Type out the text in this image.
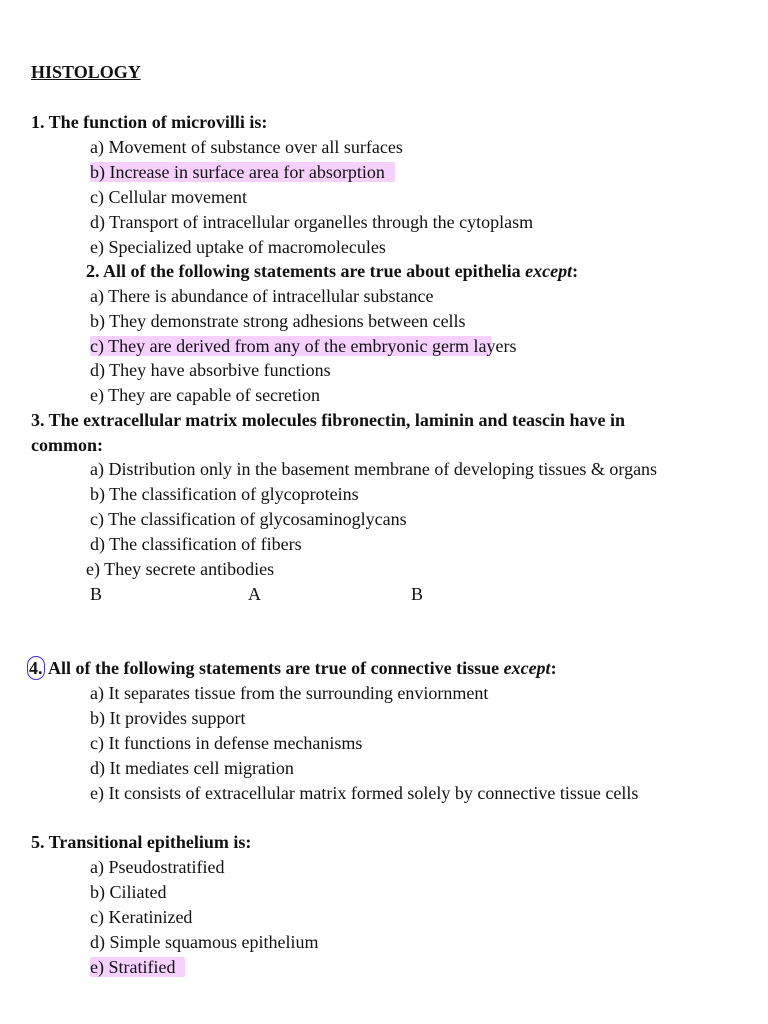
HISTOLOGY
1. The function of microvilli is:
a) Movement of substance over all surfaces
b) Increase in surface area for absorption
c) Cellular movement
d) Transport of intracellular organelles through the cytoplasm
e) Specialized uptake of macromolecules
2. All of the following statements are true about epithelia except:
a) There is abundance of intracellular substance
b) They demonstrate strong adhesions between cells
c) They are derived from any of the embryonic germ layers
d) They have absorbive functions
e) They are capable of secretion
3. The extracellular matrix molecules fibronectin, laminin and teascin have in
common:
a) Distribution only in the basement membrane of developing tissues & organs
b) The classification of glycoproteins
c) The classification of glycosaminoglycans
d) The classification of fibers
e) They secrete antibodies
B	A	B
4. All of the following statements are true of connective tissue except:
a) It separates tissue from the surrounding enviornment
b) It provides support
c) It functions in defense mechanisms
d) It mediates cell migration
e) It consists of extracellular matrix formed solely by connective tissue cells
5. Transitional epithelium is:
a) Pseudostratified
b) Ciliated
c) Keratinized
d) Simple squamous epithelium
e) Stratified
